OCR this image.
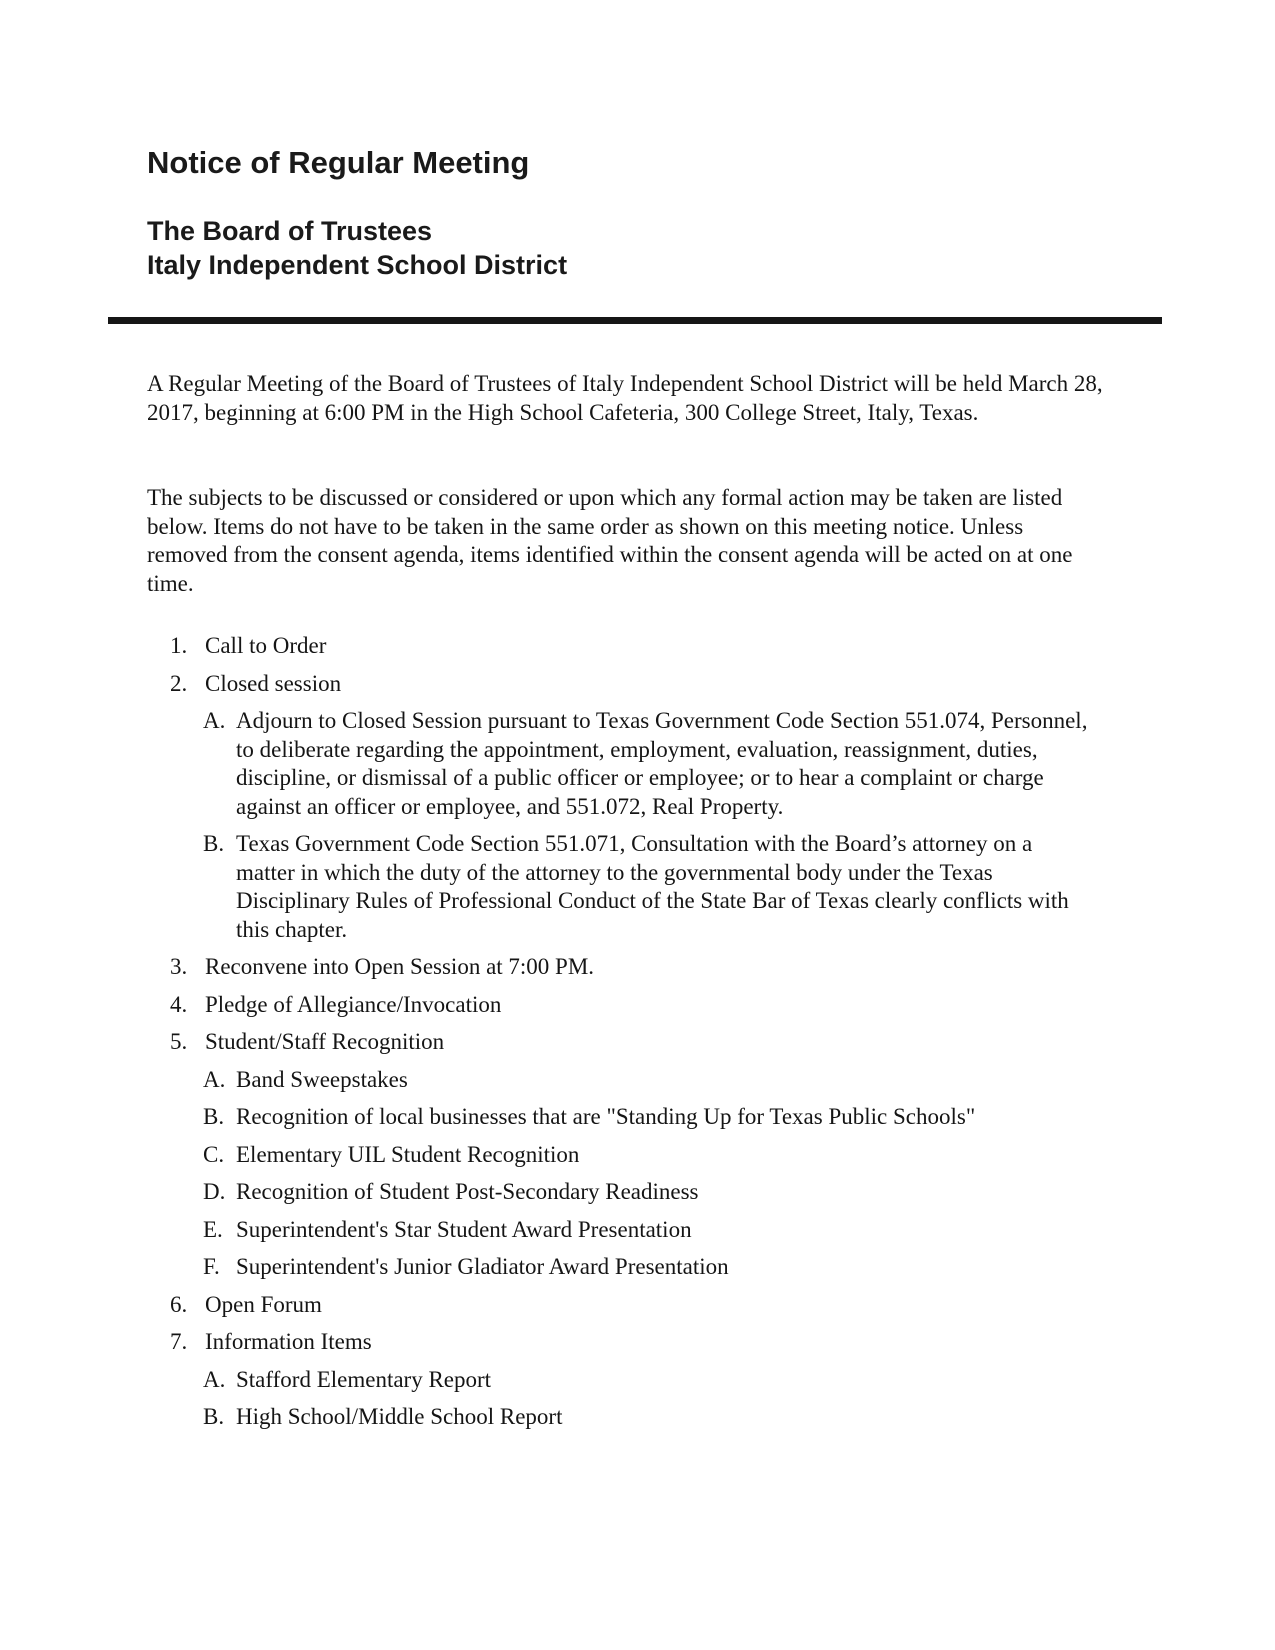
Notice of Regular Meeting
The Board of Trustees
Italy Independent School District

A Regular Meeting of the Board of Trustees of Italy Independent School District will be held March 28, 2017, beginning at 6:00 PM in the High School Cafeteria, 300 College Street, Italy, Texas.

The subjects to be discussed or considered or upon which any formal action may be taken are listed below. Items do not have to be taken in the same order as shown on this meeting notice. Unless removed from the consent agenda, items identified within the consent agenda will be acted on at one time.

1. Call to Order
2. Closed session
A. Adjourn to Closed Session pursuant to Texas Government Code Section 551.074, Personnel, to deliberate regarding the appointment, employment, evaluation, reassignment, duties, discipline, or dismissal of a public officer or employee; or to hear a complaint or charge against an officer or employee, and 551.072, Real Property.
B. Texas Government Code Section 551.071, Consultation with the Board’s attorney on a matter in which the duty of the attorney to the governmental body under the Texas Disciplinary Rules of Professional Conduct of the State Bar of Texas clearly conflicts with this chapter.
3. Reconvene into Open Session at 7:00 PM.
4. Pledge of Allegiance/Invocation
5. Student/Staff Recognition
A. Band Sweepstakes
B. Recognition of local businesses that are "Standing Up for Texas Public Schools"
C. Elementary UIL Student Recognition
D. Recognition of Student Post-Secondary Readiness
E. Superintendent's Star Student Award Presentation
F. Superintendent's Junior Gladiator Award Presentation
6. Open Forum
7. Information Items
A. Stafford Elementary Report
B. High School/Middle School Report
